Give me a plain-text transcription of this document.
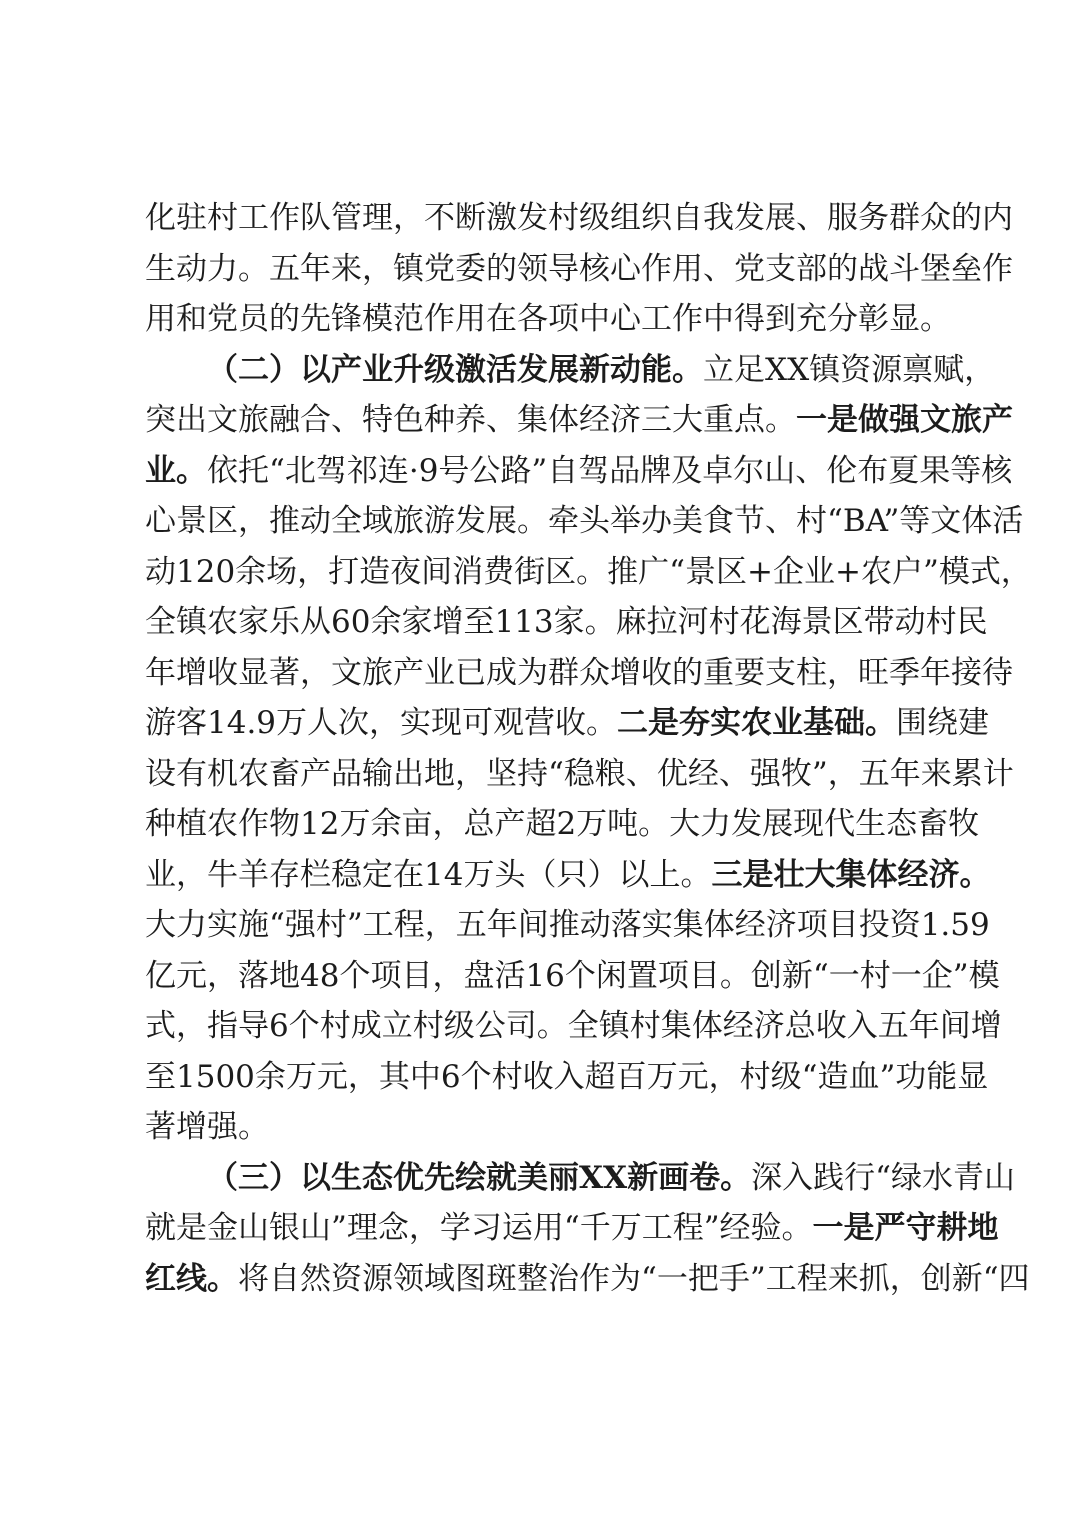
化驻村工作队管理，不断激发村级组织自我发展、服务群众的内
生动力。五年来，镇党委的领导核心作用、党支部的战斗堡垒作
用和党员的先锋模范作用在各项中心工作中得到充分彰显。
（二）以产业升级激活发展新动能。立足XX镇资源禀赋，
突出文旅融合、特色种养、集体经济三大重点。一是做强文旅产
业。依托“北驾祁连·9号公路”自驾品牌及卓尔山、伦布夏果等核
心景区，推动全域旅游发展。牵头举办美食节、村“BA”等文体活
动120余场，打造夜间消费街区。推广“景区+企业+农户”模式，
全镇农家乐从60余家增至113家。麻拉河村花海景区带动村民
年增收显著，文旅产业已成为群众增收的重要支柱，旺季年接待
游客14.9万人次，实现可观营收。二是夯实农业基础。围绕建
设有机农畜产品输出地，坚持“稳粮、优经、强牧”，五年来累计
种植农作物12万余亩，总产超2万吨。大力发展现代生态畜牧
业，牛羊存栏稳定在14万头（只）以上。三是壮大集体经济。
大力实施“强村”工程，五年间推动落实集体经济项目投资1.59
亿元，落地48个项目，盘活16个闲置项目。创新“一村一企”模
式，指导6个村成立村级公司。全镇村集体经济总收入五年间增
至1500余万元，其中6个村收入超百万元，村级“造血”功能显
著增强。
（三）以生态优先绘就美丽XX新画卷。深入践行“绿水青山
就是金山银山”理念，学习运用“千万工程”经验。一是严守耕地
红线。将自然资源领域图斑整治作为“一把手”工程来抓，创新“四
